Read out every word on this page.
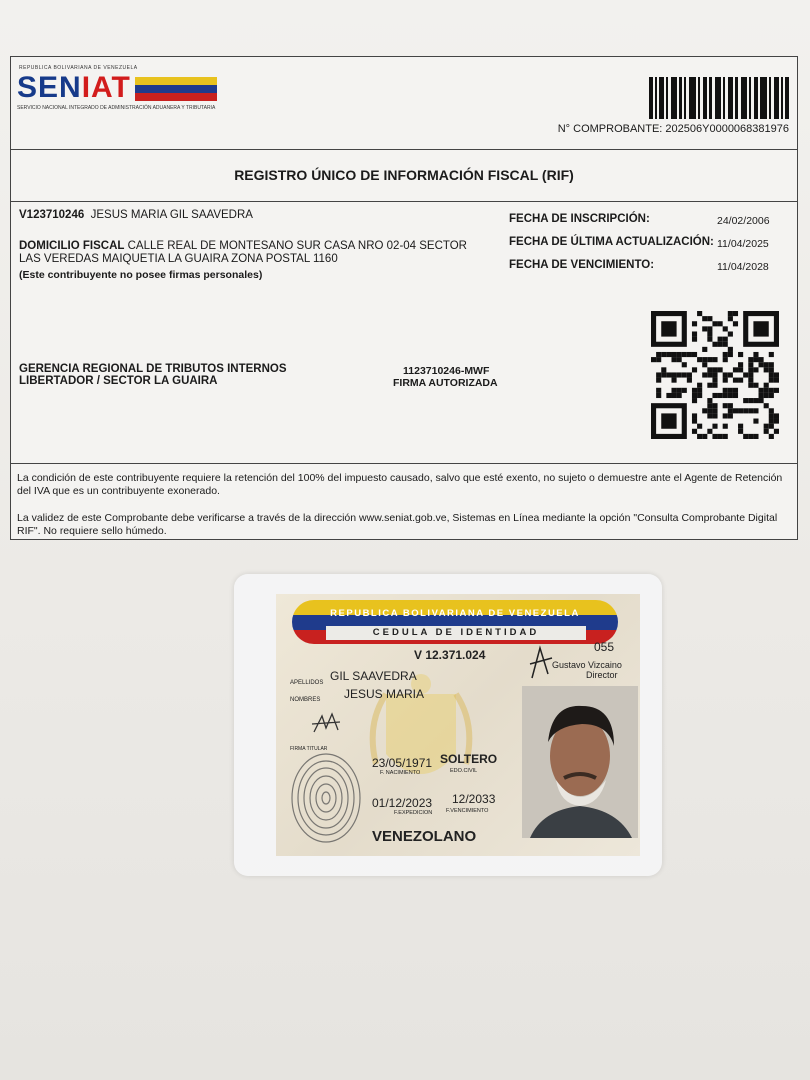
REPUBLICA BOLIVARIANA DE VENEZUELA
SENIAT
SERVICIO NACIONAL INTEGRADO DE ADMINISTRACIÓN ADUANERA Y TRIBUTARIA
N° COMPROBANTE: 202506Y0000068381976
REGISTRO ÚNICO DE INFORMACIÓN FISCAL (RIF)
V123710246 JESUS MARIA GIL SAAVEDRA
DOMICILIO FISCAL CALLE REAL DE MONTESANO SUR CASA NRO 02-04 SECTOR
LAS VEREDAS MAIQUETIA LA GUAIRA ZONA POSTAL 1160
(Este contribuyente no posee firmas personales)
FECHA DE INSCRIPCIÓN:	24/02/2006
FECHA DE ÚLTIMA ACTUALIZACIÓN: 11/04/2025
FECHA DE VENCIMIENTO:	11/04/2028
GERENCIA REGIONAL DE TRIBUTOS INTERNOS
LIBERTADOR / SECTOR LA GUAIRA
1123710246-MWF
FIRMA AUTORIZADA

La condición de este contribuyente requiere la retención del 100% del impuesto causado, salvo que esté exento, no sujeto o demuestre ante el Agente de Retención del IVA que es un contribuyente exonerado.

La validez de este Comprobante debe verificarse a través de la dirección www.seniat.gob.ve, Sistemas en Línea mediante la opción "Consulta Comprobante Digital RIF". No requiere sello húmedo.

REPUBLICA BOLIVARIANA DE VENEZUELA
CEDULA DE IDENTIDAD
V 12.371.024
055
Gustavo Vizcaino
Director
APELLIDOS GIL SAAVEDRA
NOMBRES JESUS MARIA
FIRMA TITULAR
23/05/1971
F. NACIMIENTO
SOLTERO
EDO.CIVIL
01/12/2023
F.EXPEDICION
12/2033
F.VENCIMIENTO
VENEZOLANO
